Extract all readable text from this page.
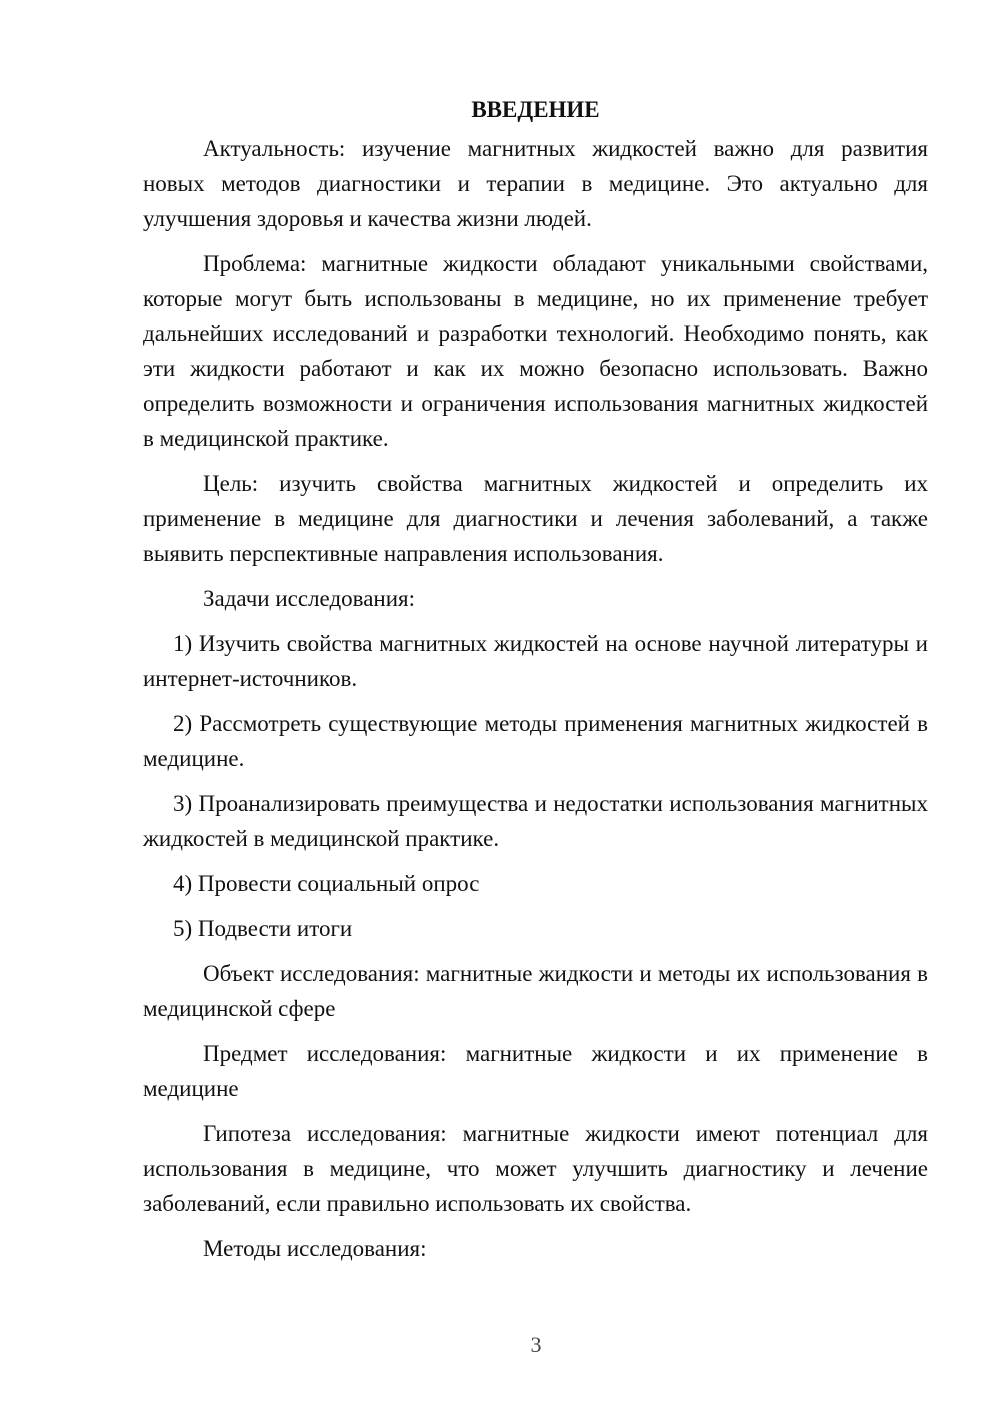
ВВЕДЕНИЕ

Актуальность: изучение магнитных жидкостей важно для развития новых методов диагностики и терапии в медицине. Это актуально для улучшения здоровья и качества жизни людей.

Проблема: магнитные жидкости обладают уникальными свойствами, которые могут быть использованы в медицине, но их применение требует дальнейших исследований и разработки технологий. Необходимо понять, как эти жидкости работают и как их можно безопасно использовать. Важно определить возможности и ограничения использования магнитных жидкостей в медицинской практике.

Цель: изучить свойства магнитных жидкостей и определить их применение в медицине для диагностики и лечения заболеваний, а также выявить перспективные направления использования.

Задачи исследования:

1) Изучить свойства магнитных жидкостей на основе научной литературы и интернет-источников.

2) Рассмотреть существующие методы применения магнитных жидкостей в медицине.

3) Проанализировать преимущества и недостатки использования магнитных жидкостей в медицинской практике.

4) Провести социальный опрос

5) Подвести итоги

Объект исследования: магнитные жидкости и методы их использования в медицинской сфере

Предмет исследования: магнитные жидкости и их применение в медицине

Гипотеза исследования: магнитные жидкости имеют потенциал для использования в медицине, что может улучшить диагностику и лечение заболеваний, если правильно использовать их свойства.

Методы исследования:

3
